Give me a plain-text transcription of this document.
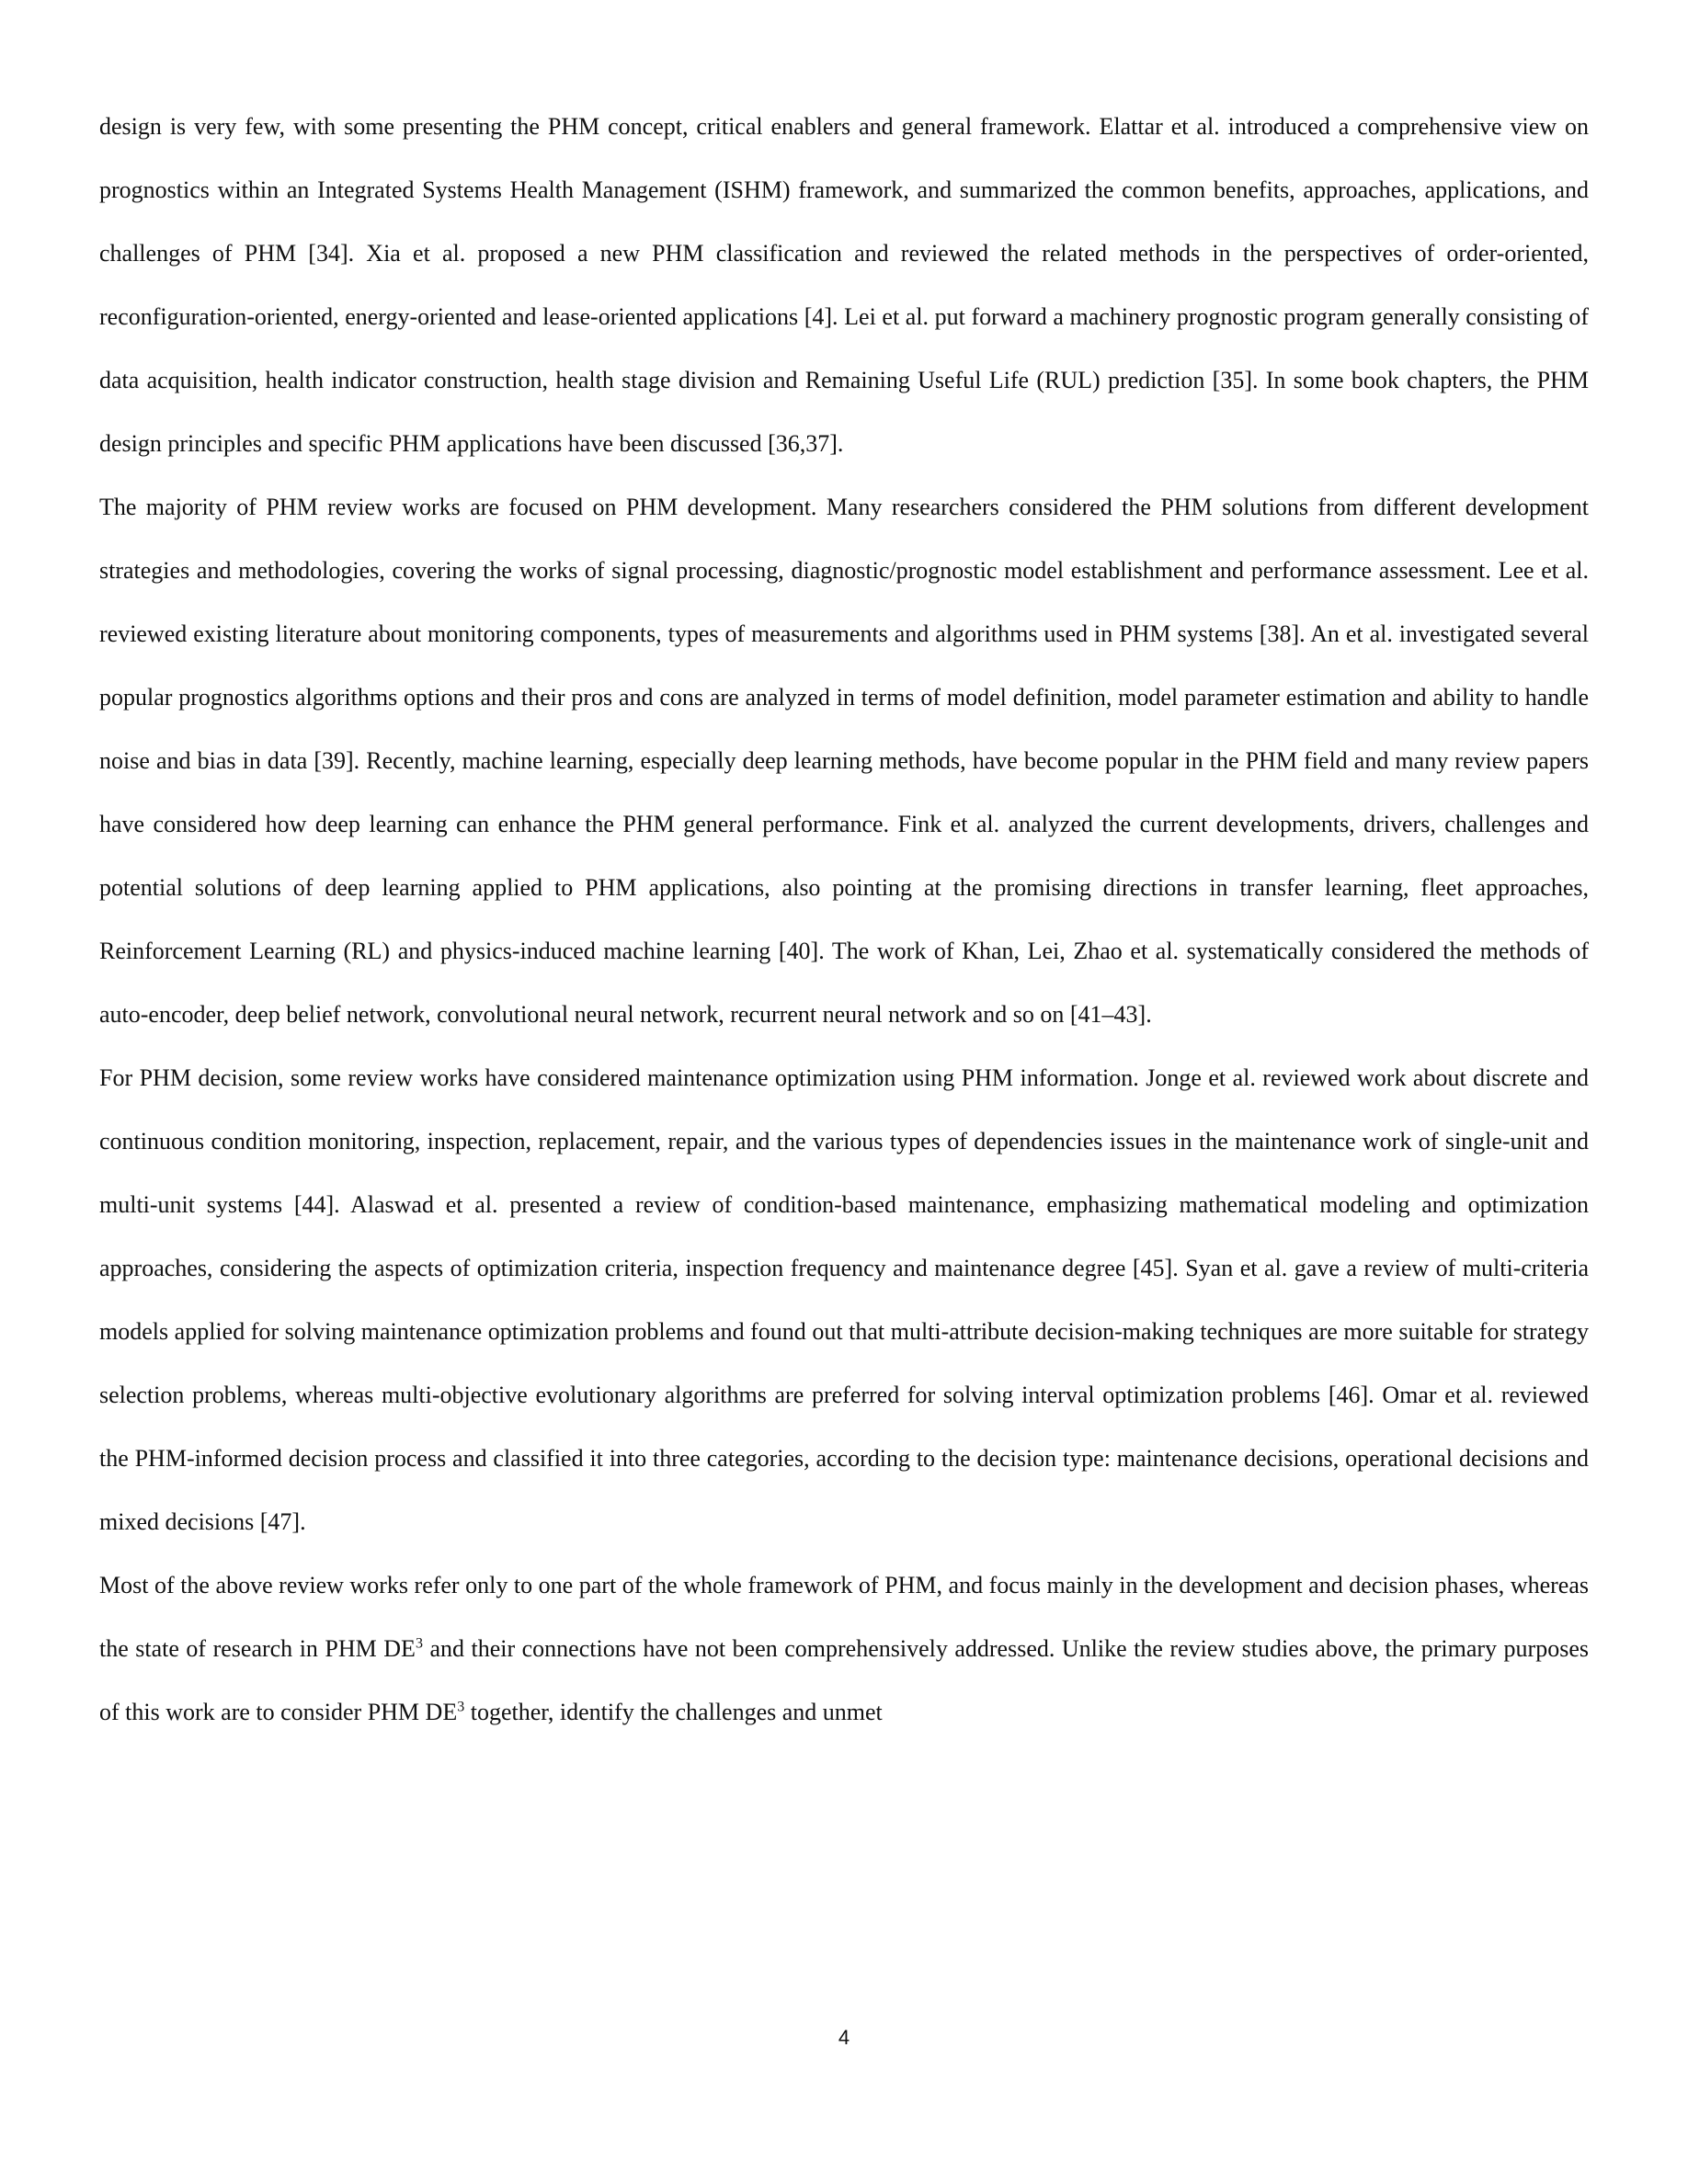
design is very few, with some presenting the PHM concept, critical enablers and general framework. Elattar et al. introduced a comprehensive view on prognostics within an Integrated Systems Health Management (ISHM) framework, and summarized the common benefits, approaches, applications, and challenges of PHM [34]. Xia et al. proposed a new PHM classification and reviewed the related methods in the perspectives of order-oriented, reconfiguration-oriented, energy-oriented and lease-oriented applications [4]. Lei et al. put forward a machinery prognostic program generally consisting of data acquisition, health indicator construction, health stage division and Remaining Useful Life (RUL) prediction [35]. In some book chapters, the PHM design principles and specific PHM applications have been discussed [36,37].

The majority of PHM review works are focused on PHM development. Many researchers considered the PHM solutions from different development strategies and methodologies, covering the works of signal processing, diagnostic/prognostic model establishment and performance assessment. Lee et al. reviewed existing literature about monitoring components, types of measurements and algorithms used in PHM systems [38]. An et al. investigated several popular prognostics algorithms options and their pros and cons are analyzed in terms of model definition, model parameter estimation and ability to handle noise and bias in data [39]. Recently, machine learning, especially deep learning methods, have become popular in the PHM field and many review papers have considered how deep learning can enhance the PHM general performance. Fink et al. analyzed the current developments, drivers, challenges and potential solutions of deep learning applied to PHM applications, also pointing at the promising directions in transfer learning, fleet approaches, Reinforcement Learning (RL) and physics-induced machine learning [40]. The work of Khan, Lei, Zhao et al. systematically considered the methods of auto-encoder, deep belief network, convolutional neural network, recurrent neural network and so on [41–43].

For PHM decision, some review works have considered maintenance optimization using PHM information. Jonge et al. reviewed work about discrete and continuous condition monitoring, inspection, replacement, repair, and the various types of dependencies issues in the maintenance work of single-unit and multi-unit systems [44]. Alaswad et al. presented a review of condition-based maintenance, emphasizing mathematical modeling and optimization approaches, considering the aspects of optimization criteria, inspection frequency and maintenance degree [45]. Syan et al. gave a review of multi-criteria models applied for solving maintenance optimization problems and found out that multi-attribute decision-making techniques are more suitable for strategy selection problems, whereas multi-objective evolutionary algorithms are preferred for solving interval optimization problems [46]. Omar et al. reviewed the PHM-informed decision process and classified it into three categories, according to the decision type: maintenance decisions, operational decisions and mixed decisions [47].

Most of the above review works refer only to one part of the whole framework of PHM, and focus mainly in the development and decision phases, whereas the state of research in PHM $DE^3$ and their connections have not been comprehensively addressed. Unlike the review studies above, the primary purposes of this work are to consider PHM $DE^3$ together, identify the challenges and unmet

4
